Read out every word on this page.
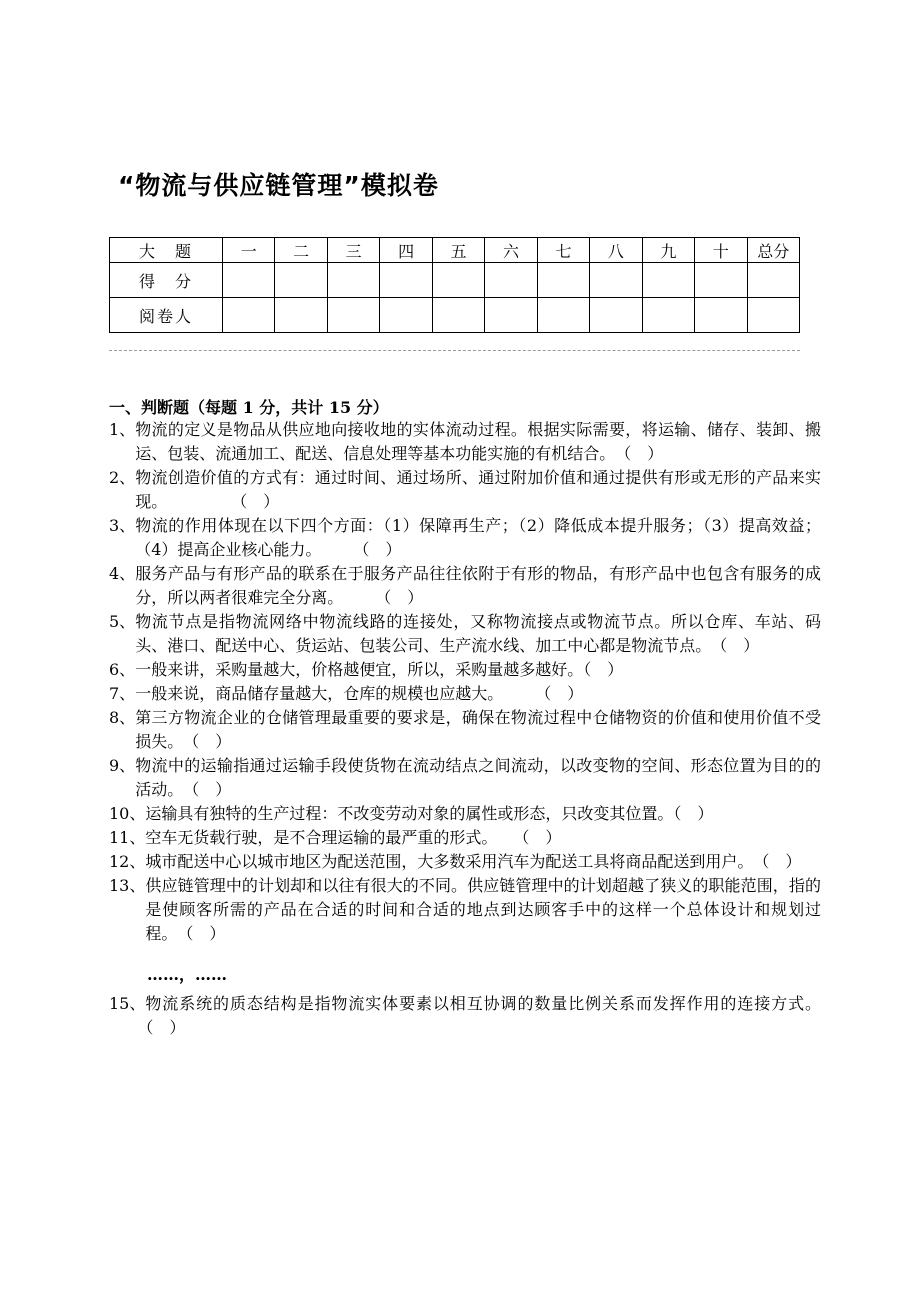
“物流与供应链管理”模拟卷
大　题	一	二	三	四	五	六	七	八	九	十	总分
得　分											
阅卷人											
一、判断题（每题 1 分，共计 15 分）
1、 物流的定义是物品从供应地向接收地的实体流动过程。根据实际需要，将运输、储存、装卸、搬运、包装、流通加工、配送、信息处理等基本功能实施的有机结合。　（　）
2、 物流创造价值的方式有：通过时间、通过场所、通过附加价值和通过提供有形或无形的产品来实现。　　　　　（　）
3、 物流的作用体现在以下四个方面：（1）保障再生产；（2）降低成本提升服务；（3）提高效益；（4）提高企业核心能力。　　　（　）
4、 服务产品与有形产品的联系在于服务产品往往依附于有形的物品，有形产品中也包含有服务的成分，所以两者很难完全分离。　　　（　）
5、 物流节点是指物流网络中物流线路的连接处，又称物流接点或物流节点。所以仓库、车站、码头、港口、配送中心、货运站、包装公司、生产流水线、加工中心都是物流节点。　（　）
6、 一般来讲，采购量越大，价格越便宜，所以，采购量越多越好。（　）
7、 一般来说，商品储存量越大，仓库的规模也应越大。　　　（　）
8、 第三方物流企业的仓储管理最重要的要求是，确保在物流过程中仓储物资的价值和使用价值不受损失。　（　）
9、 物流中的运输指通过运输手段使货物在流动结点之间流动，以改变物的空间、形态位置为目的的活动。　（　）
10、 运输具有独特的生产过程：不改变劳动对象的属性或形态，只改变其位置。（　）
11、 空车无货载行驶，是不合理运输的最严重的形式。　　（　）
12、 城市配送中心以城市地区为配送范围，大多数采用汽车为配送工具将商品配送到用户。　（　）
13、 供应链管理中的计划却和以往有很大的不同。供应链管理中的计划超越了狭义的职能范围，指的是使顾客所需的产品在合适的时间和合适的地点到达顾客手中的这样一个总体设计和规划过程。　（　）
……，……
15、 物流系统的质态结构是指物流实体要素以相互协调的数量比例关系而发挥作用的连接方式。（　）
